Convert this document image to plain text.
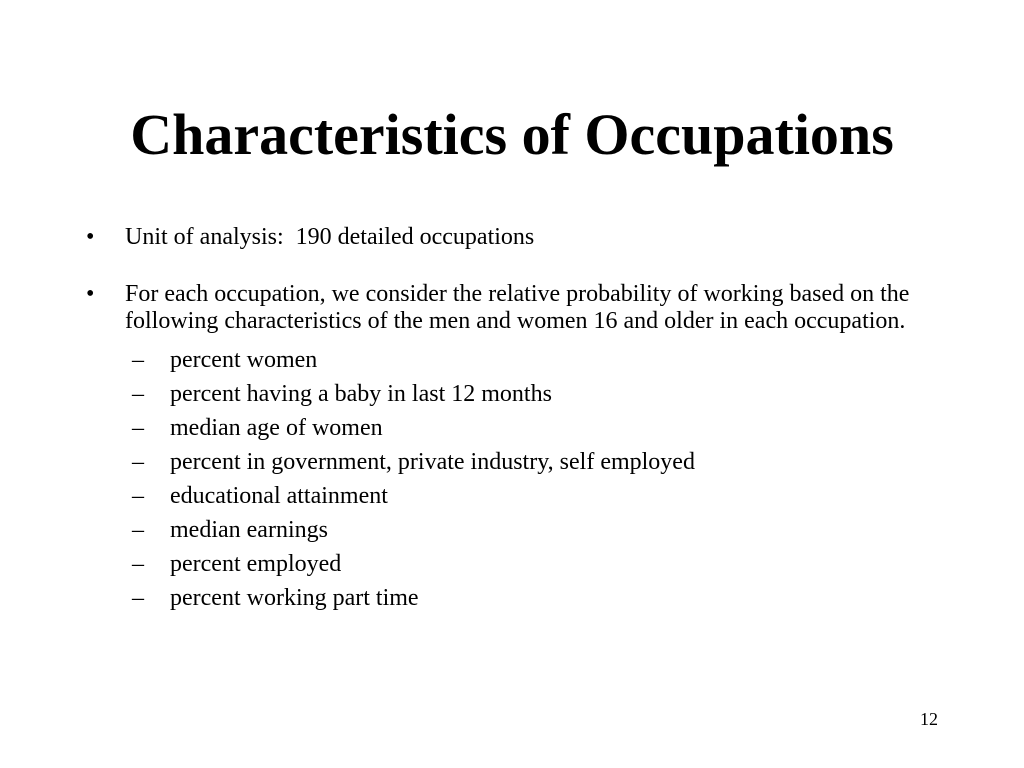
Characteristics of Occupations
• Unit of analysis:  190 detailed occupations
• For each occupation, we consider the relative probability of working based on the following characteristics of the men and women 16 and older in each occupation.
– percent women
– percent having a baby in last 12 months
– median age of women
– percent in government, private industry, self employed
– educational attainment
– median earnings
– percent employed
– percent working part time
12
